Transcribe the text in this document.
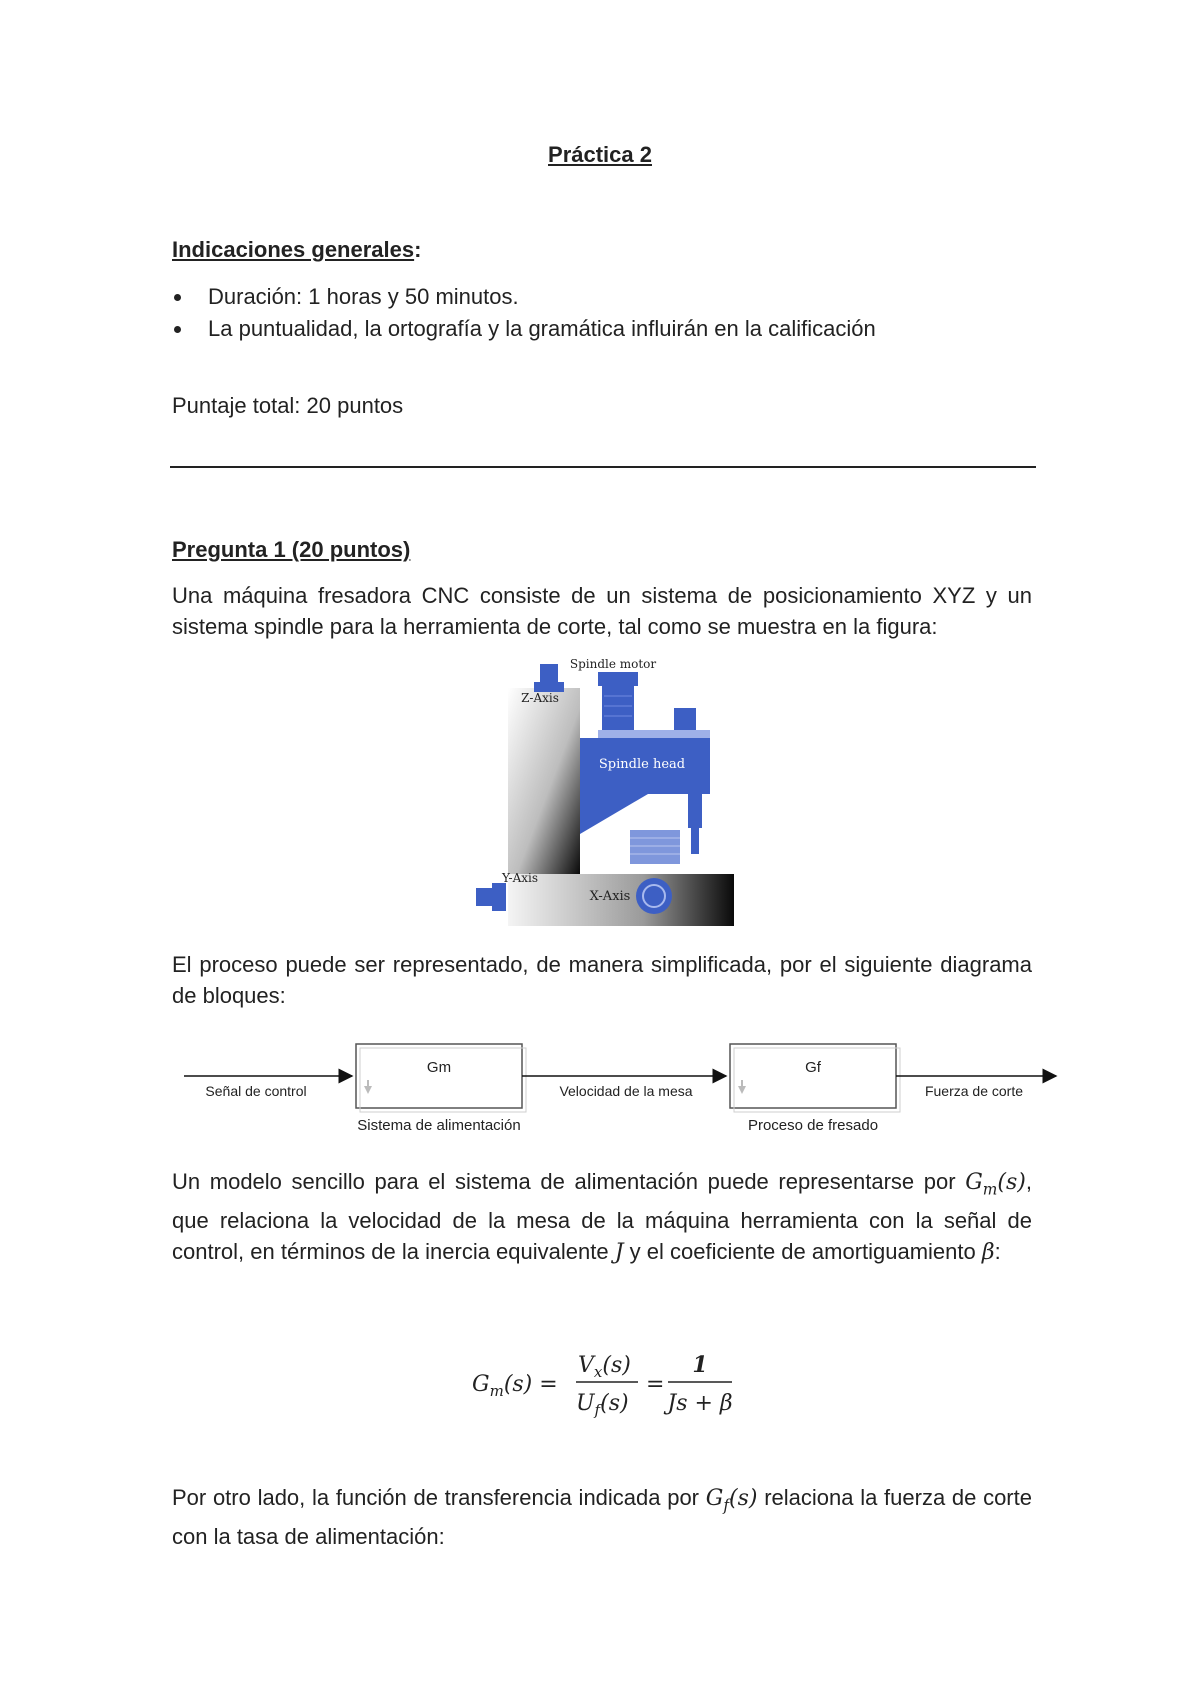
Práctica 2
Indicaciones generales:
Duración: 1 horas y 50 minutos.
La puntualidad, la ortografía y la gramática influirán en la calificación
Puntaje total: 20 puntos
Pregunta 1 (20 puntos)
Una máquina fresadora CNC consiste de un sistema de posicionamiento XYZ y un sistema spindle para la herramienta de corte, tal como se muestra en la figura:
Spindle motor
Z-Axis
Spindle head
Y-Axis
X-Axis
El proceso puede ser representado, de manera simplificada, por el siguiente diagrama de bloques:
Gm	Gf
Señal de control	Velocidad de la mesa	Fuerza de corte
Sistema de alimentación	Proceso de fresado
Un modelo sencillo para el sistema de alimentación puede representarse por $G_m(s)$, que relaciona la velocidad de la mesa de la máquina herramienta con la señal de control, en términos de la inercia equivalente J y el coeficiente de amortiguamiento β:
$G_m(s)$ =
$V_x(s)$
$U_f(s)$
=
1
Js + β
Por otro lado, la función de transferencia indicada por $G_f(s)$ relaciona la fuerza de corte con la tasa de alimentación:
